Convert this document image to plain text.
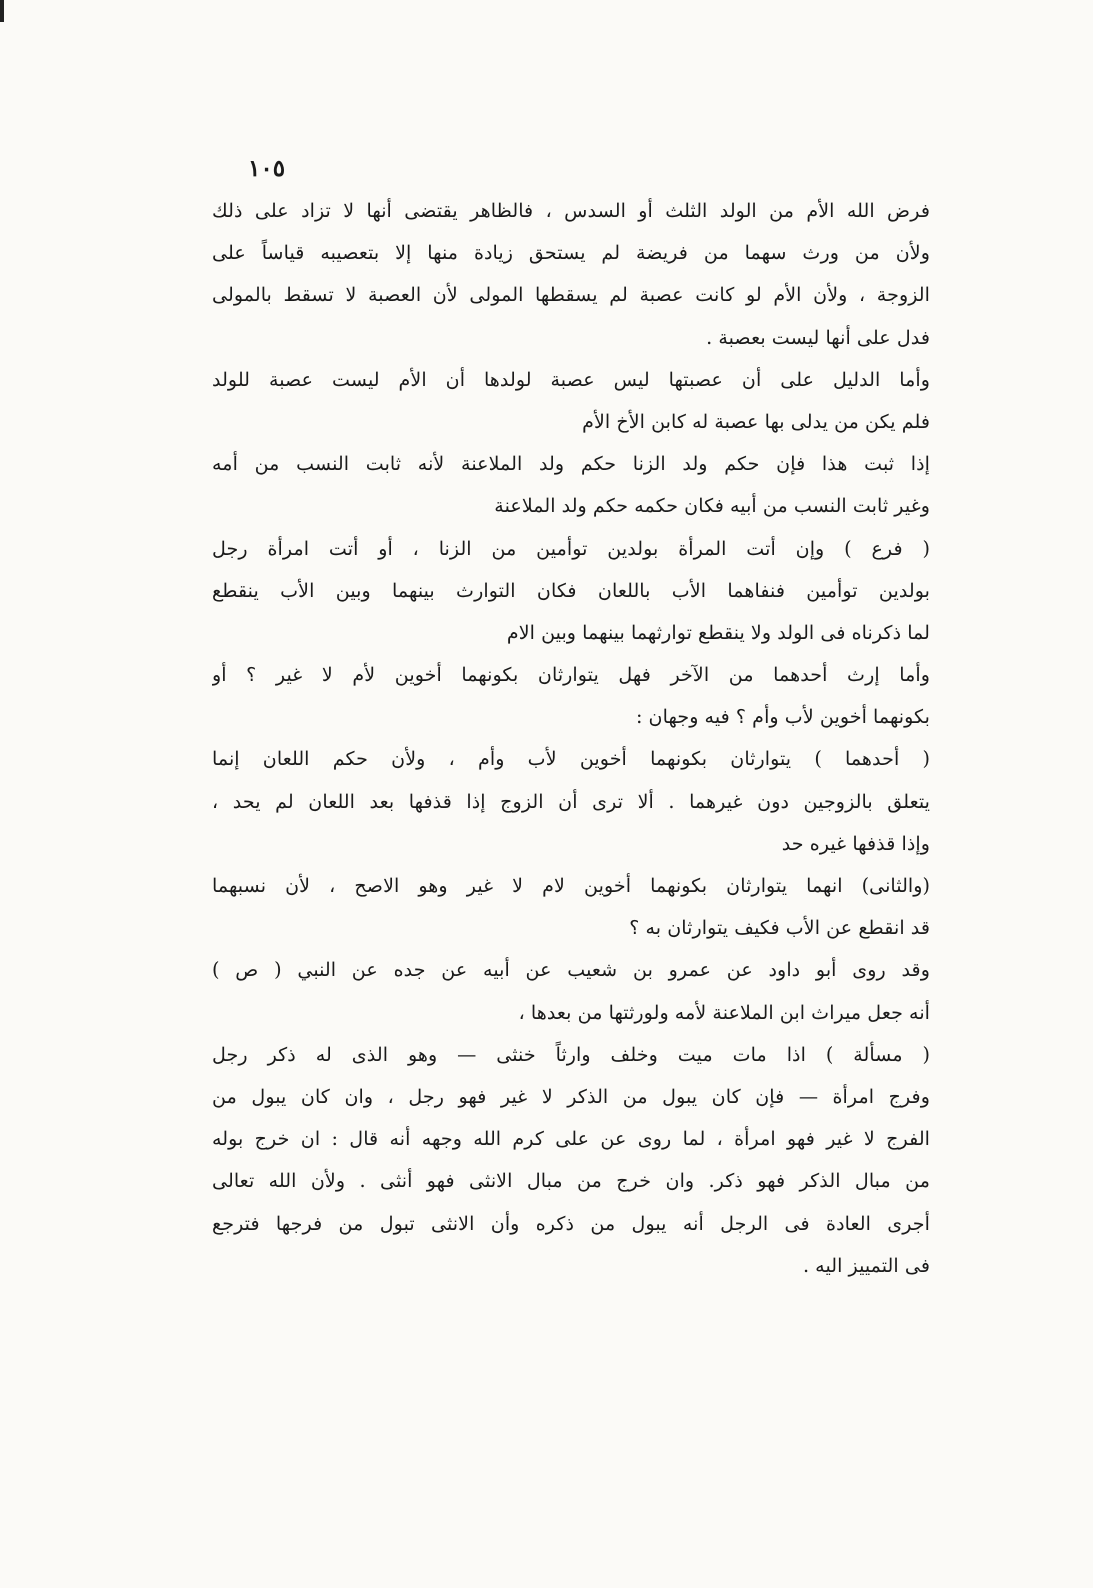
١٠٥
فرض الله الأم من الولد الثلث أو السدس ، فالظاهر يقتضى أنها لا تزاد على ذلك
ولأن من ورث سهما من فريضة لم يستحق زيادة منها إلا بتعصيبه قياساً على
الزوجة ، ولأن الأم لو كانت عصبة لم يسقطها المولى لأن العصبة لا تسقط بالمولى
فدل على أنها ليست بعصبة .
وأما الدليل على أن عصبتها ليس عصبة لولدها أن الأم ليست عصبة للولد
فلم يكن من يدلى بها عصبة له كابن الأخ الأم
إذا ثبت هذا فإن حكم ولد الزنا حكم ولد الملاعنة لأنه ثابت النسب من أمه
وغير ثابت النسب من أبيه فكان حكمه حكم ولد الملاعنة
( فرع ) وإن أتت المرأة بولدين توأمين من الزنا ، أو أتت امرأة رجل
بولدين توأمين فنفاهما الأب باللعان فكان التوارث بينهما وبين الأب ينقطع
لما ذكرناه فى الولد ولا ينقطع توارثهما بينهما وبين الام
وأما إرث أحدهما من الآخر فهل يتوارثان بكونهما أخوين لأم لا غير ؟ أو
بكونهما أخوين لأب وأم ؟ فيه وجهان :
( أحدهما ) يتوارثان بكونهما أخوين لأب وأم ، ولأن حكم اللعان إنما
يتعلق بالزوجين دون غيرهما . ألا ترى أن الزوج إذا قذفها بعد اللعان لم يحد ،
وإذا قذفها غيره حد
(والثانى) انهما يتوارثان بكونهما أخوين لام لا غير وهو الاصح ، لأن نسبهما
قد انقطع عن الأب فكيف يتوارثان به ؟
وقد روى أبو داود عن عمرو بن شعيب عن أبيه عن جده عن النبي ( ص )
أنه جعل ميراث ابن الملاعنة لأمه ولورثتها من بعدها ،
( مسألة ) اذا مات ميت وخلف وارثاً خنثى — وهو الذى له ذكر رجل
وفرج امرأة — فإن كان يبول من الذكر لا غير فهو رجل ، وان كان يبول من
الفرج لا غير فهو امرأة ، لما روى عن على كرم الله وجهه أنه قال : ان خرج بوله
من مبال الذكر فهو ذكر. وان خرج من مبال الانثى فهو أنثى . ولأن الله تعالى
أجرى العادة فى الرجل أنه يبول من ذكره وأن الانثى تبول من فرجها فترجع
فى التمييز اليه .
